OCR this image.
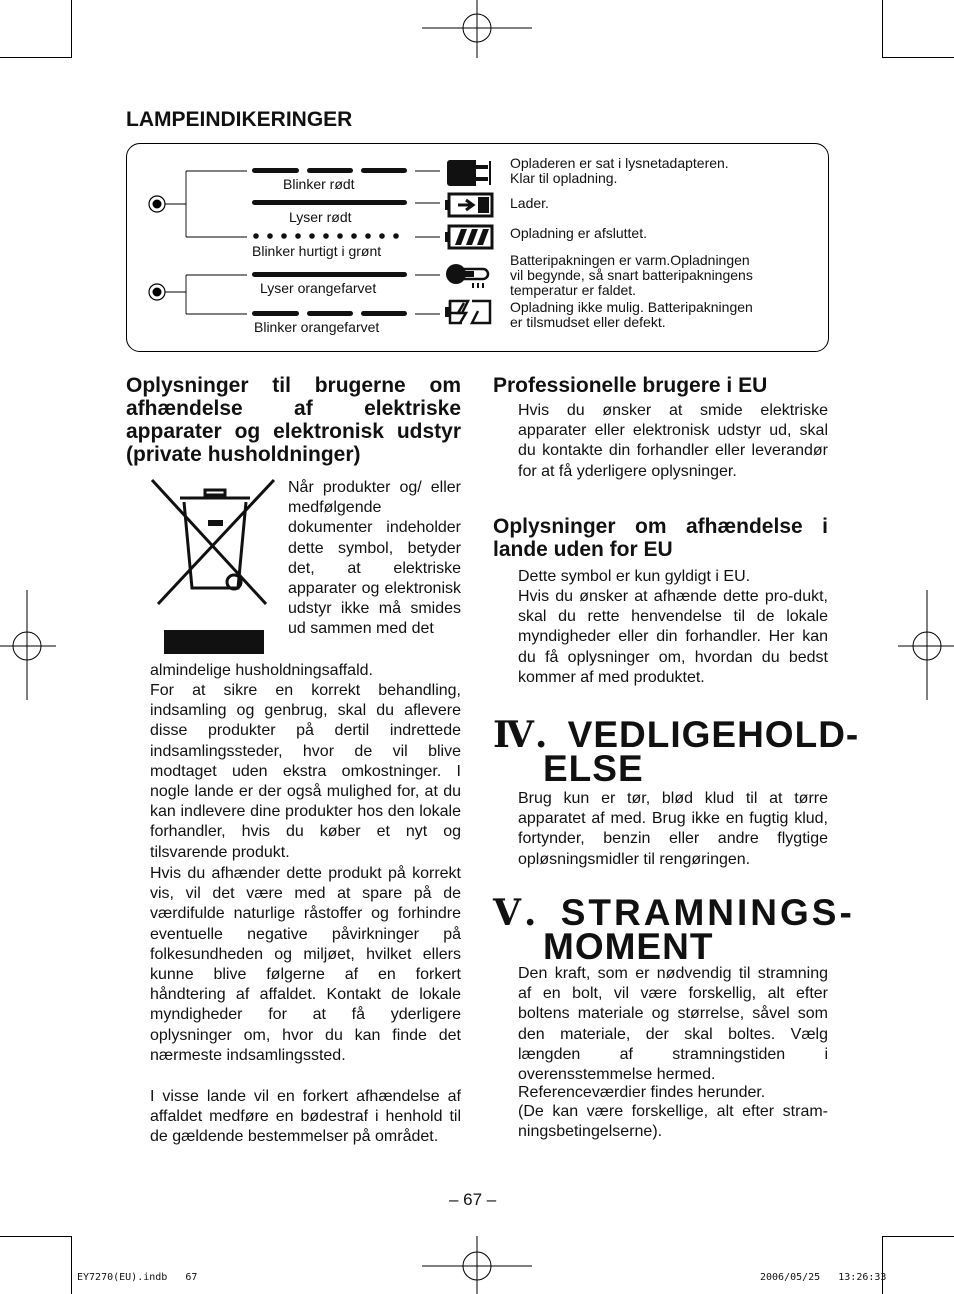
LAMPEINDIKERINGER
Blinker rødt
Lyser rødt
Blinker hurtigt i grønt
Lyser orangefarvet
Blinker orangefarvet
Opladeren er sat i lysnetadapteren.
Klar til opladning.
Lader.
Opladning er afsluttet.
Batteripakningen er varm.Opladningen
vil begynde, så snart batteripakningens
temperatur er faldet.
Opladning ikke mulig. Batteripakningen
er tilsmudset eller defekt.
Oplysninger til brugerne om afhændelse af elektriske apparater og elektronisk udstyr (private husholdninger)
Når produkter og/ eller medfølgende dokumenter indeholder dette symbol, betyder det, at elektriske apparater og elektronisk udstyr ikke må smides ud sammen med det
almindelige husholdningsaffald.
For at sikre en korrekt behandling, indsamling og genbrug, skal du aflevere disse produkter på dertil indrettede indsamlingssteder, hvor de vil blive modtaget uden ekstra omkostninger. I nogle lande er der også mulighed for, at du kan indlevere dine produkter hos den lokale forhandler, hvis du køber et nyt og tilsvarende produkt.
Hvis du afhænder dette produkt på korrekt vis, vil det være med at spare på de værdifulde naturlige råstoffer og forhindre eventuelle negative påvirkninger på folkesundheden og miljøet, hvilket ellers kunne blive følgerne af en forkert håndtering af affaldet. Kontakt de lokale myndigheder for at få yderligere oplysninger om, hvor du kan finde det nærmeste indsamlingssted.
I visse lande vil en forkert afhændelse af affaldet medføre en bødestraf i henhold til de gældende bestemmelser på området.
Professionelle brugere i EU
Hvis du ønsker at smide elektriske apparater eller elektronisk udstyr ud, skal du kontakte din forhandler eller leverandør for at få yderligere oplysninger.
Oplysninger om afhændelse i lande uden for EU
Dette symbol er kun gyldigt i EU.
Hvis du ønsker at afhænde dette pro-dukt, skal du rette henvendelse til de lokale myndigheder eller din forhandler. Her kan du få oplysninger om, hvordan du bedst kommer af med produktet.
Ⅳ. VEDLIGEHOLD-
ELSE
Brug kun er tør, blød klud til at tørre apparatet af med. Brug ikke en fugtig klud, fortynder, benzin eller andre flygtige opløsningsmidler til rengøringen.
Ⅴ. STRAMNINGS-
MOMENT
Den kraft, som er nødvendig til stramning af en bolt, vil være forskellig, alt efter boltens materiale og størrelse, såvel som den materiale, der skal boltes. Vælg længden af stramningstiden i overensstemmelse hermed.
Referenceværdier findes herunder.
(De kan være forskellige, alt efter stram-ningsbetingelserne).
– 67 –
EY7270(EU).indb   67	2006/05/25   13:26:33
